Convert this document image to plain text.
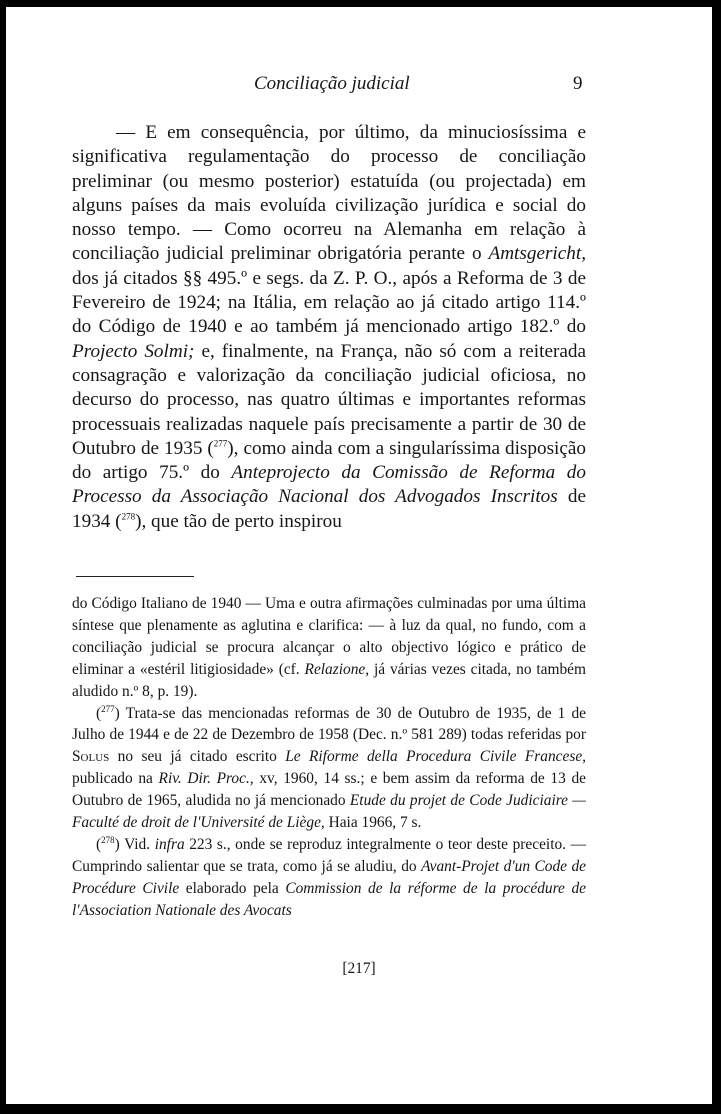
Conciliação judicial	9

— E em consequência, por último, da minuciosíssima e significativa regulamentação do processo de conciliação preliminar (ou mesmo posterior) estatuída (ou projectada) em alguns países da mais evoluída civilização jurídica e social do nosso tempo. — Como ocorreu na Alemanha em relação à conciliação judicial preliminar obrigatória perante o Amtsgericht, dos já citados §§ 495.º e segs. da Z. P. O., após a Reforma de 3 de Fevereiro de 1924; na Itália, em relação ao já citado artigo 114.º do Código de 1940 e ao também já mencionado artigo 182.º do Projecto Solmi; e, finalmente, na França, não só com a reiterada consagração e valorização da conciliação judicial oficiosa, no decurso do processo, nas quatro últimas e importantes reformas processuais realizadas naquele país precisamente a partir de 30 de Outubro de 1935 ($^{277}$), como ainda com a singularíssima disposição do artigo 75.º do Anteprojecto da Comissão de Reforma do Processo da Associação Nacional dos Advogados Inscritos de 1934 ($^{278}$), que tão de perto inspirou

do Código Italiano de 1940 — Uma e outra afirmações culminadas por uma última síntese que plenamente as aglutina e clarifica: — à luz da qual, no fundo, com a conciliação judicial se procura alcançar o alto objectivo lógico e prático de eliminar a «estéril litigiosidade» (cf. Relazione, já várias vezes citada, no também aludido n.º 8, p. 19).

($^{277}$) Trata-se das mencionadas reformas de 30 de Outubro de 1935, de 1 de Julho de 1944 e de 22 de Dezembro de 1958 (Dec. n.º 581 289) todas referidas por Solus no seu já citado escrito Le Riforme della Procedura Civile Francese, publicado na Riv. Dir. Proc., xv, 1960, 14 ss.; e bem assim da reforma de 13 de Outubro de 1965, aludida no já mencionado Etude du projet de Code Judiciaire — Faculté de droit de l'Université de Liège, Haia 1966, 7 s.

($^{278}$) Vid. infra 223 s., onde se reproduz integralmente o teor deste preceito. — Cumprindo salientar que se trata, como já se aludiu, do Avant-Projet d'un Code de Procédure Civile elaborado pela Commission de la réforme de la procédure de l'Association Nationale des Avocats

[217]
